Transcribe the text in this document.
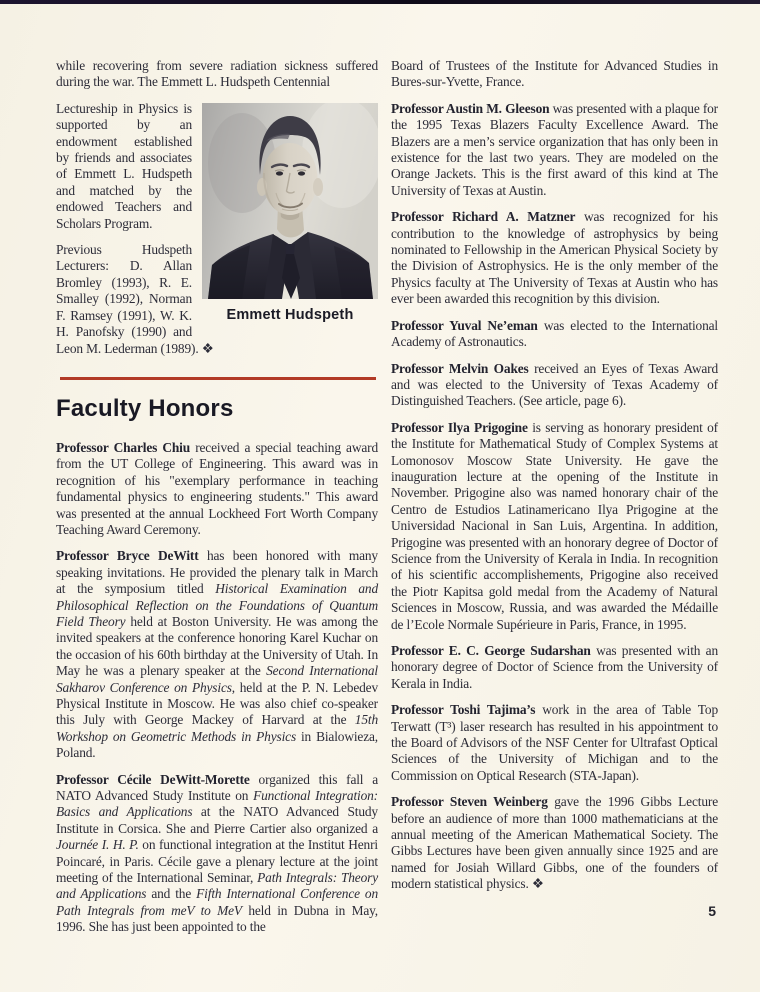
while recovering from severe radiation sickness suffered during the war. The Emmett L. Hudspeth Centennial

Emmett Hudspeth

Lectureship in Physics is supported by an endowment established by friends and associates of Emmett L. Hudspeth and matched by the endowed Teachers and Scholars Program.

Previous Hudspeth Lecturers: D. Allan Bromley (1993), R. E. Smalley (1992), Norman F. Ramsey (1991), W. K. H. Panofsky (1990) and Leon M. Lederman (1989). ❖

Faculty Honors

Professor Charles Chiu received a special teaching award from the UT College of Engineering. This award was in recognition of his "exemplary performance in teaching fundamental physics to engineering students." This award was presented at the annual Lockheed Fort Worth Company Teaching Award Ceremony.

Professor Bryce DeWitt has been honored with many speaking invitations. He provided the plenary talk in March at the symposium titled Historical Examination and Philosophical Reflection on the Foundations of Quantum Field Theory held at Boston University. He was among the invited speakers at the conference honoring Karel Kuchar on the occasion of his 60th birthday at the University of Utah. In May he was a plenary speaker at the Second International Sakharov Conference on Physics, held at the P. N. Lebedev Physical Institute in Moscow. He was also chief co-speaker this July with George Mackey of Harvard at the 15th Workshop on Geometric Methods in Physics in Bialowieza, Poland.

Professor Cécile DeWitt-Morette organized this fall a NATO Advanced Study Institute on Functional Integration: Basics and Applications at the NATO Advanced Study Institute in Corsica. She and Pierre Cartier also organized a Journée I. H. P. on functional integration at the Institut Henri Poincaré, in Paris. Cécile gave a plenary lecture at the joint meeting of the International Seminar, Path Integrals: Theory and Applications and the Fifth International Conference on Path Integrals from meV to MeV held in Dubna in May, 1996. She has just been appointed to the

Board of Trustees of the Institute for Advanced Studies in Bures-sur-Yvette, France.

Professor Austin M. Gleeson was presented with a plaque for the 1995 Texas Blazers Faculty Excellence Award. The Blazers are a men’s service organization that has only been in existence for the last two years. They are modeled on the Orange Jackets. This is the first award of this kind at The University of Texas at Austin.

Professor Richard A. Matzner was recognized for his contribution to the knowledge of astrophysics by being nominated to Fellowship in the American Physical Society by the Division of Astrophysics. He is the only member of the Physics faculty at The University of Texas at Austin who has ever been awarded this recognition by this division.

Professor Yuval Ne’eman was elected to the International Academy of Astronautics.

Professor Melvin Oakes received an Eyes of Texas Award and was elected to the University of Texas Academy of Distinguished Teachers. (See article, page 6).

Professor Ilya Prigogine is serving as honorary president of the Institute for Mathematical Study of Complex Systems at Lomonosov Moscow State University. He gave the inauguration lecture at the opening of the Institute in November. Prigogine also was named honorary chair of the Centro de Estudios Latinamericano Ilya Prigogine at the Universidad Nacional in San Luis, Argentina. In addition, Prigogine was presented with an honorary degree of Doctor of Science from the University of Kerala in India. In recognition of his scientific accomplishements, Prigogine also received the Piotr Kapitsa gold medal from the Academy of Natural Sciences in Moscow, Russia, and was awarded the Médaille de l’Ecole Normale Supérieure in Paris, France, in 1995.

Professor E. C. George Sudarshan was presented with an honorary degree of Doctor of Science from the University of Kerala in India.

Professor Toshi Tajima’s work in the area of Table Top Terwatt (T³) laser research has resulted in his appointment to the Board of Advisors of the NSF Center for Ultrafast Optical Sciences of the University of Michigan and to the Commission on Optical Research (STA-Japan).

Professor Steven Weinberg gave the 1996 Gibbs Lecture before an audience of more than 1000 mathematicians at the annual meeting of the American Mathematical Society. The Gibbs Lectures have been given annually since 1925 and are named for Josiah Willard Gibbs, one of the founders of modern statistical physics. ❖

5
